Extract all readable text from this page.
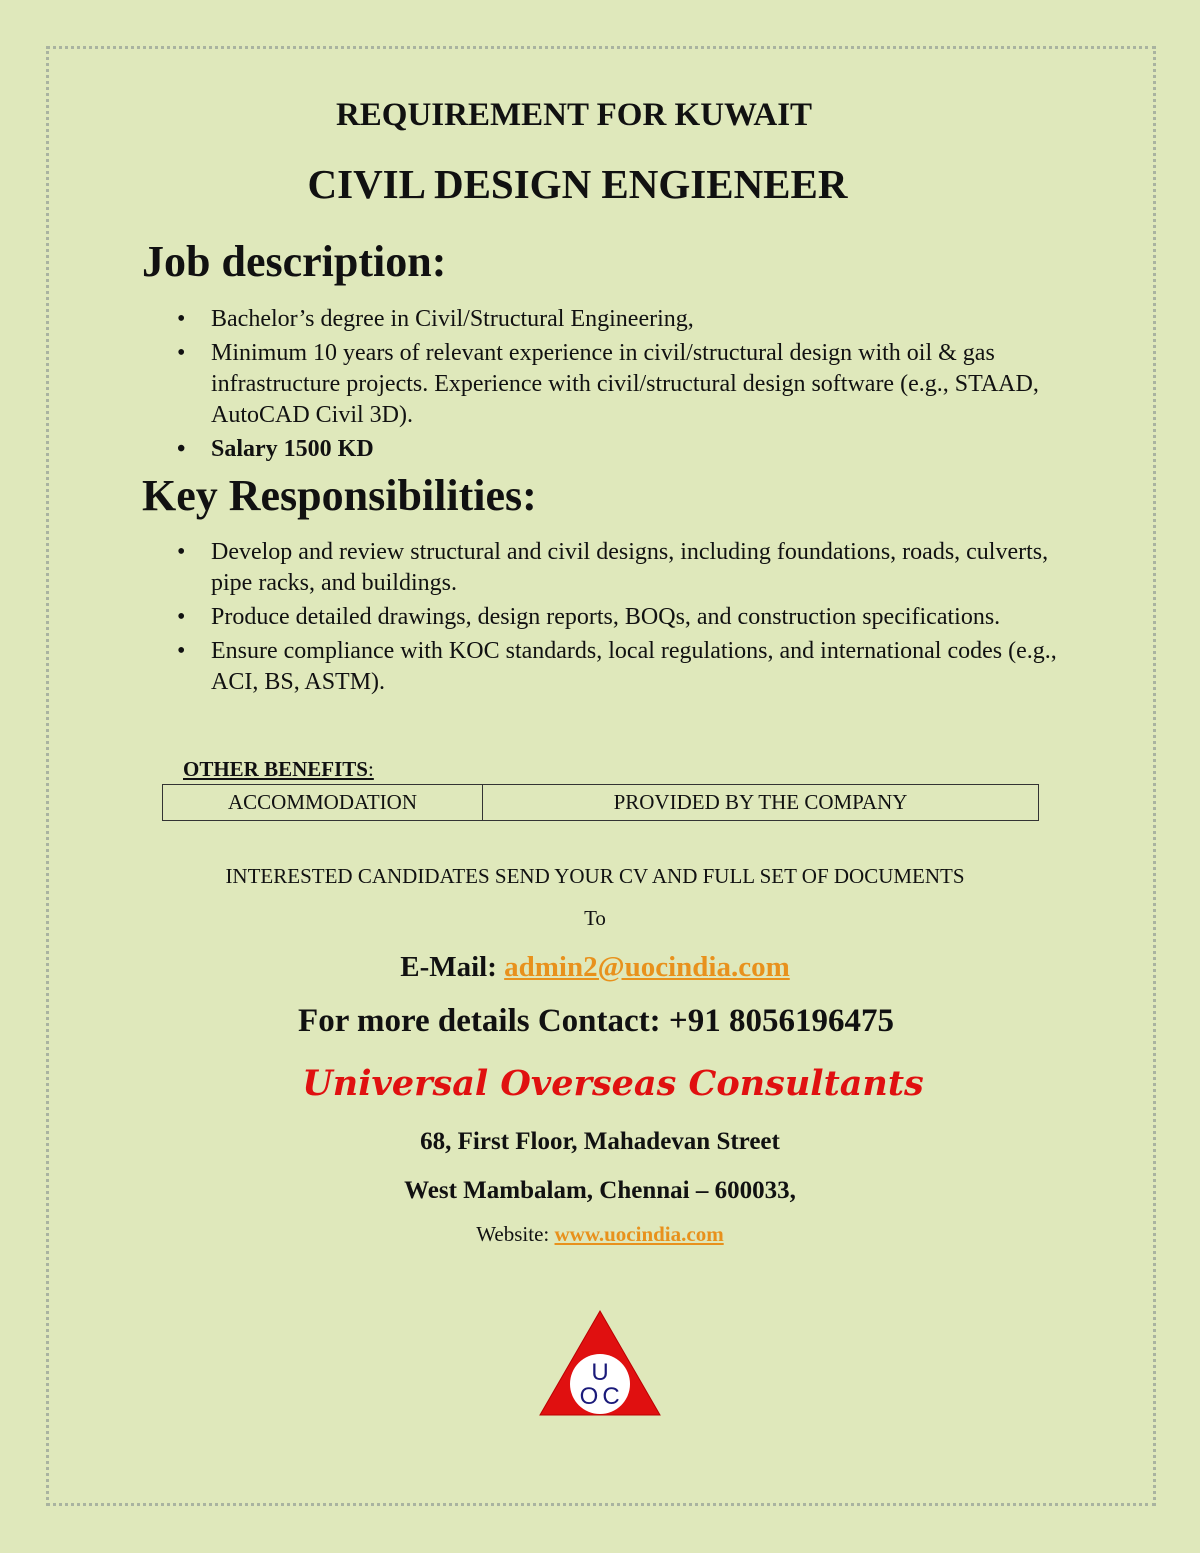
REQUIREMENT FOR KUWAIT
CIVIL DESIGN ENGIENEER
Job description:
• Bachelor’s degree in Civil/Structural Engineering,
• Minimum 10 years of relevant experience in civil/structural design with oil & gas infrastructure projects. Experience with civil/structural design software (e.g., STAAD, AutoCAD Civil 3D).
• Salary 1500 KD
Key Responsibilities:
• Develop and review structural and civil designs, including foundations, roads, culverts, pipe racks, and buildings.
• Produce detailed drawings, design reports, BOQs, and construction specifications.
• Ensure compliance with KOC standards, local regulations, and international codes (e.g., ACI, BS, ASTM).
OTHER BENEFITS:
ACCOMMODATION	PROVIDED BY THE COMPANY
INTERESTED CANDIDATES SEND YOUR CV AND FULL SET OF DOCUMENTS
To
E-Mail: admin2@uocindia.com
For more details Contact: +91 8056196475
Universal Overseas Consultants
68, First Floor, Mahadevan Street
West Mambalam, Chennai – 600033,
Website: www.uocindia.com
U
O C
